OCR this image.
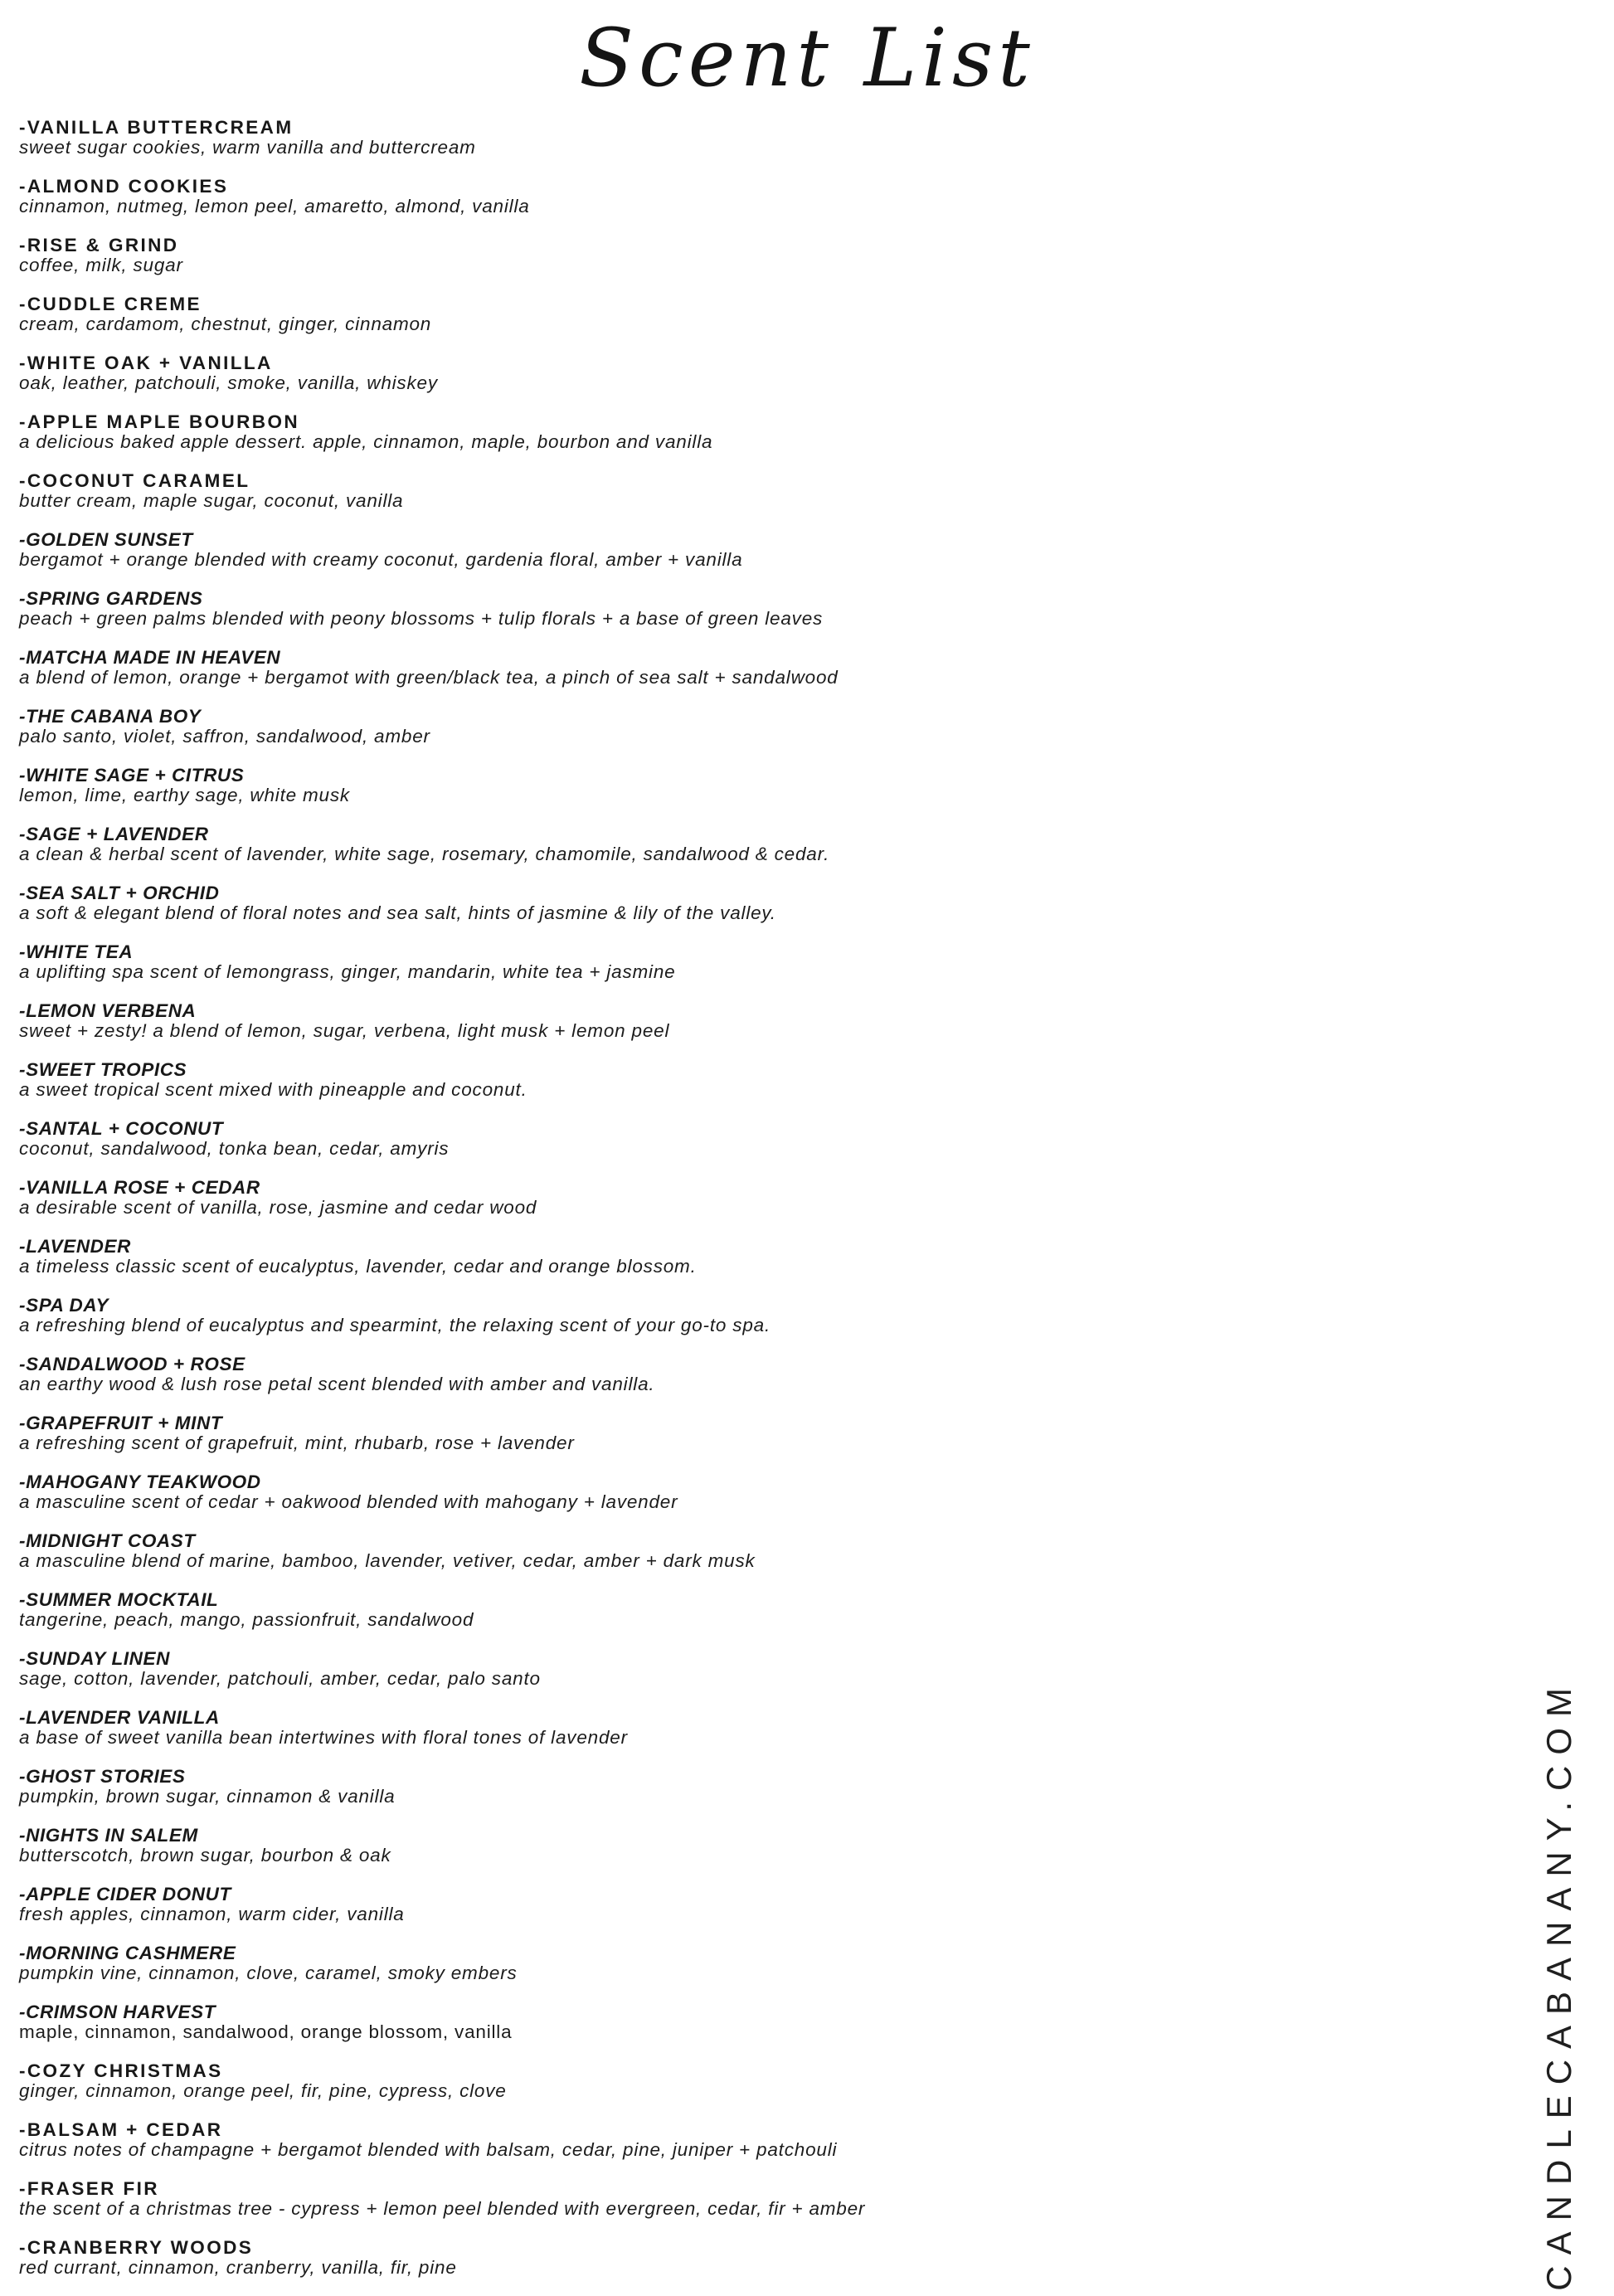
Scent List
-VANILLA BUTTERCREAM
sweet sugar cookies, warm vanilla and buttercream
-ALMOND COOKIES
cinnamon, nutmeg, lemon peel, amaretto, almond, vanilla
-RISE & GRIND
coffee, milk, sugar
-CUDDLE CREME
cream, cardamom, chestnut, ginger, cinnamon
-WHITE OAK + VANILLA
oak, leather, patchouli, smoke, vanilla, whiskey
-APPLE MAPLE BOURBON
a delicious baked apple dessert. apple, cinnamon, maple, bourbon and vanilla
-COCONUT CARAMEL
butter cream, maple sugar, coconut, vanilla
-GOLDEN SUNSET
bergamot + orange blended with creamy coconut, gardenia floral, amber + vanilla
-SPRING GARDENS
peach + green palms blended with peony blossoms + tulip florals + a base of green leaves
-MATCHA MADE IN HEAVEN
a blend of lemon, orange + bergamot with green/black tea, a pinch of sea salt + sandalwood
-THE CABANA BOY
palo santo, violet, saffron, sandalwood, amber
-WHITE SAGE + CITRUS
lemon, lime, earthy sage, white musk
-SAGE + LAVENDER
a clean & herbal scent of lavender, white sage, rosemary, chamomile, sandalwood & cedar.
-SEA SALT + ORCHID
a soft & elegant blend of floral notes and sea salt, hints of jasmine & lily of the valley.
-WHITE TEA
a uplifting spa scent of lemongrass, ginger, mandarin, white tea + jasmine
-LEMON VERBENA
sweet + zesty! a blend of lemon, sugar, verbena, light musk + lemon peel
-SWEET TROPICS
a sweet tropical scent mixed with pineapple and coconut.
-SANTAL + COCONUT
coconut, sandalwood, tonka bean, cedar, amyris
-VANILLA ROSE + CEDAR
a desirable scent of vanilla, rose, jasmine and cedar wood
-LAVENDER
a timeless classic scent of eucalyptus, lavender, cedar and orange blossom.
-SPA DAY
a refreshing blend of eucalyptus and spearmint, the relaxing scent of your go-to spa.
-SANDALWOOD + ROSE
an earthy wood & lush rose petal scent blended with amber and vanilla.
-GRAPEFRUIT + MINT
a refreshing scent of grapefruit, mint, rhubarb, rose + lavender
-MAHOGANY TEAKWOOD
a masculine scent of cedar + oakwood blended with mahogany + lavender
-MIDNIGHT COAST
a masculine blend of marine, bamboo, lavender, vetiver, cedar, amber + dark musk
-SUMMER MOCKTAIL
tangerine, peach, mango, passionfruit, sandalwood
-SUNDAY LINEN
sage, cotton, lavender, patchouli, amber, cedar, palo santo
-LAVENDER VANILLA
a base of sweet vanilla bean intertwines with floral tones of lavender
-GHOST STORIES
pumpkin, brown sugar, cinnamon & vanilla
-NIGHTS IN SALEM
butterscotch, brown sugar, bourbon & oak
-APPLE CIDER DONUT
fresh apples, cinnamon, warm cider, vanilla
-MORNING CASHMERE
pumpkin vine, cinnamon, clove, caramel, smoky embers
-CRIMSON HARVEST
maple, cinnamon, sandalwood, orange blossom, vanilla
-COZY CHRISTMAS
ginger, cinnamon, orange peel, fir, pine, cypress, clove
-BALSAM + CEDAR
citrus notes of champagne + bergamot blended with balsam, cedar, pine, juniper + patchouli
-FRASER FIR
the scent of a christmas tree - cypress + lemon peel blended with evergreen, cedar, fir + amber
-CRANBERRY WOODS
red currant, cinnamon, cranberry, vanilla, fir, pine	CANDLECABANANY.COM
